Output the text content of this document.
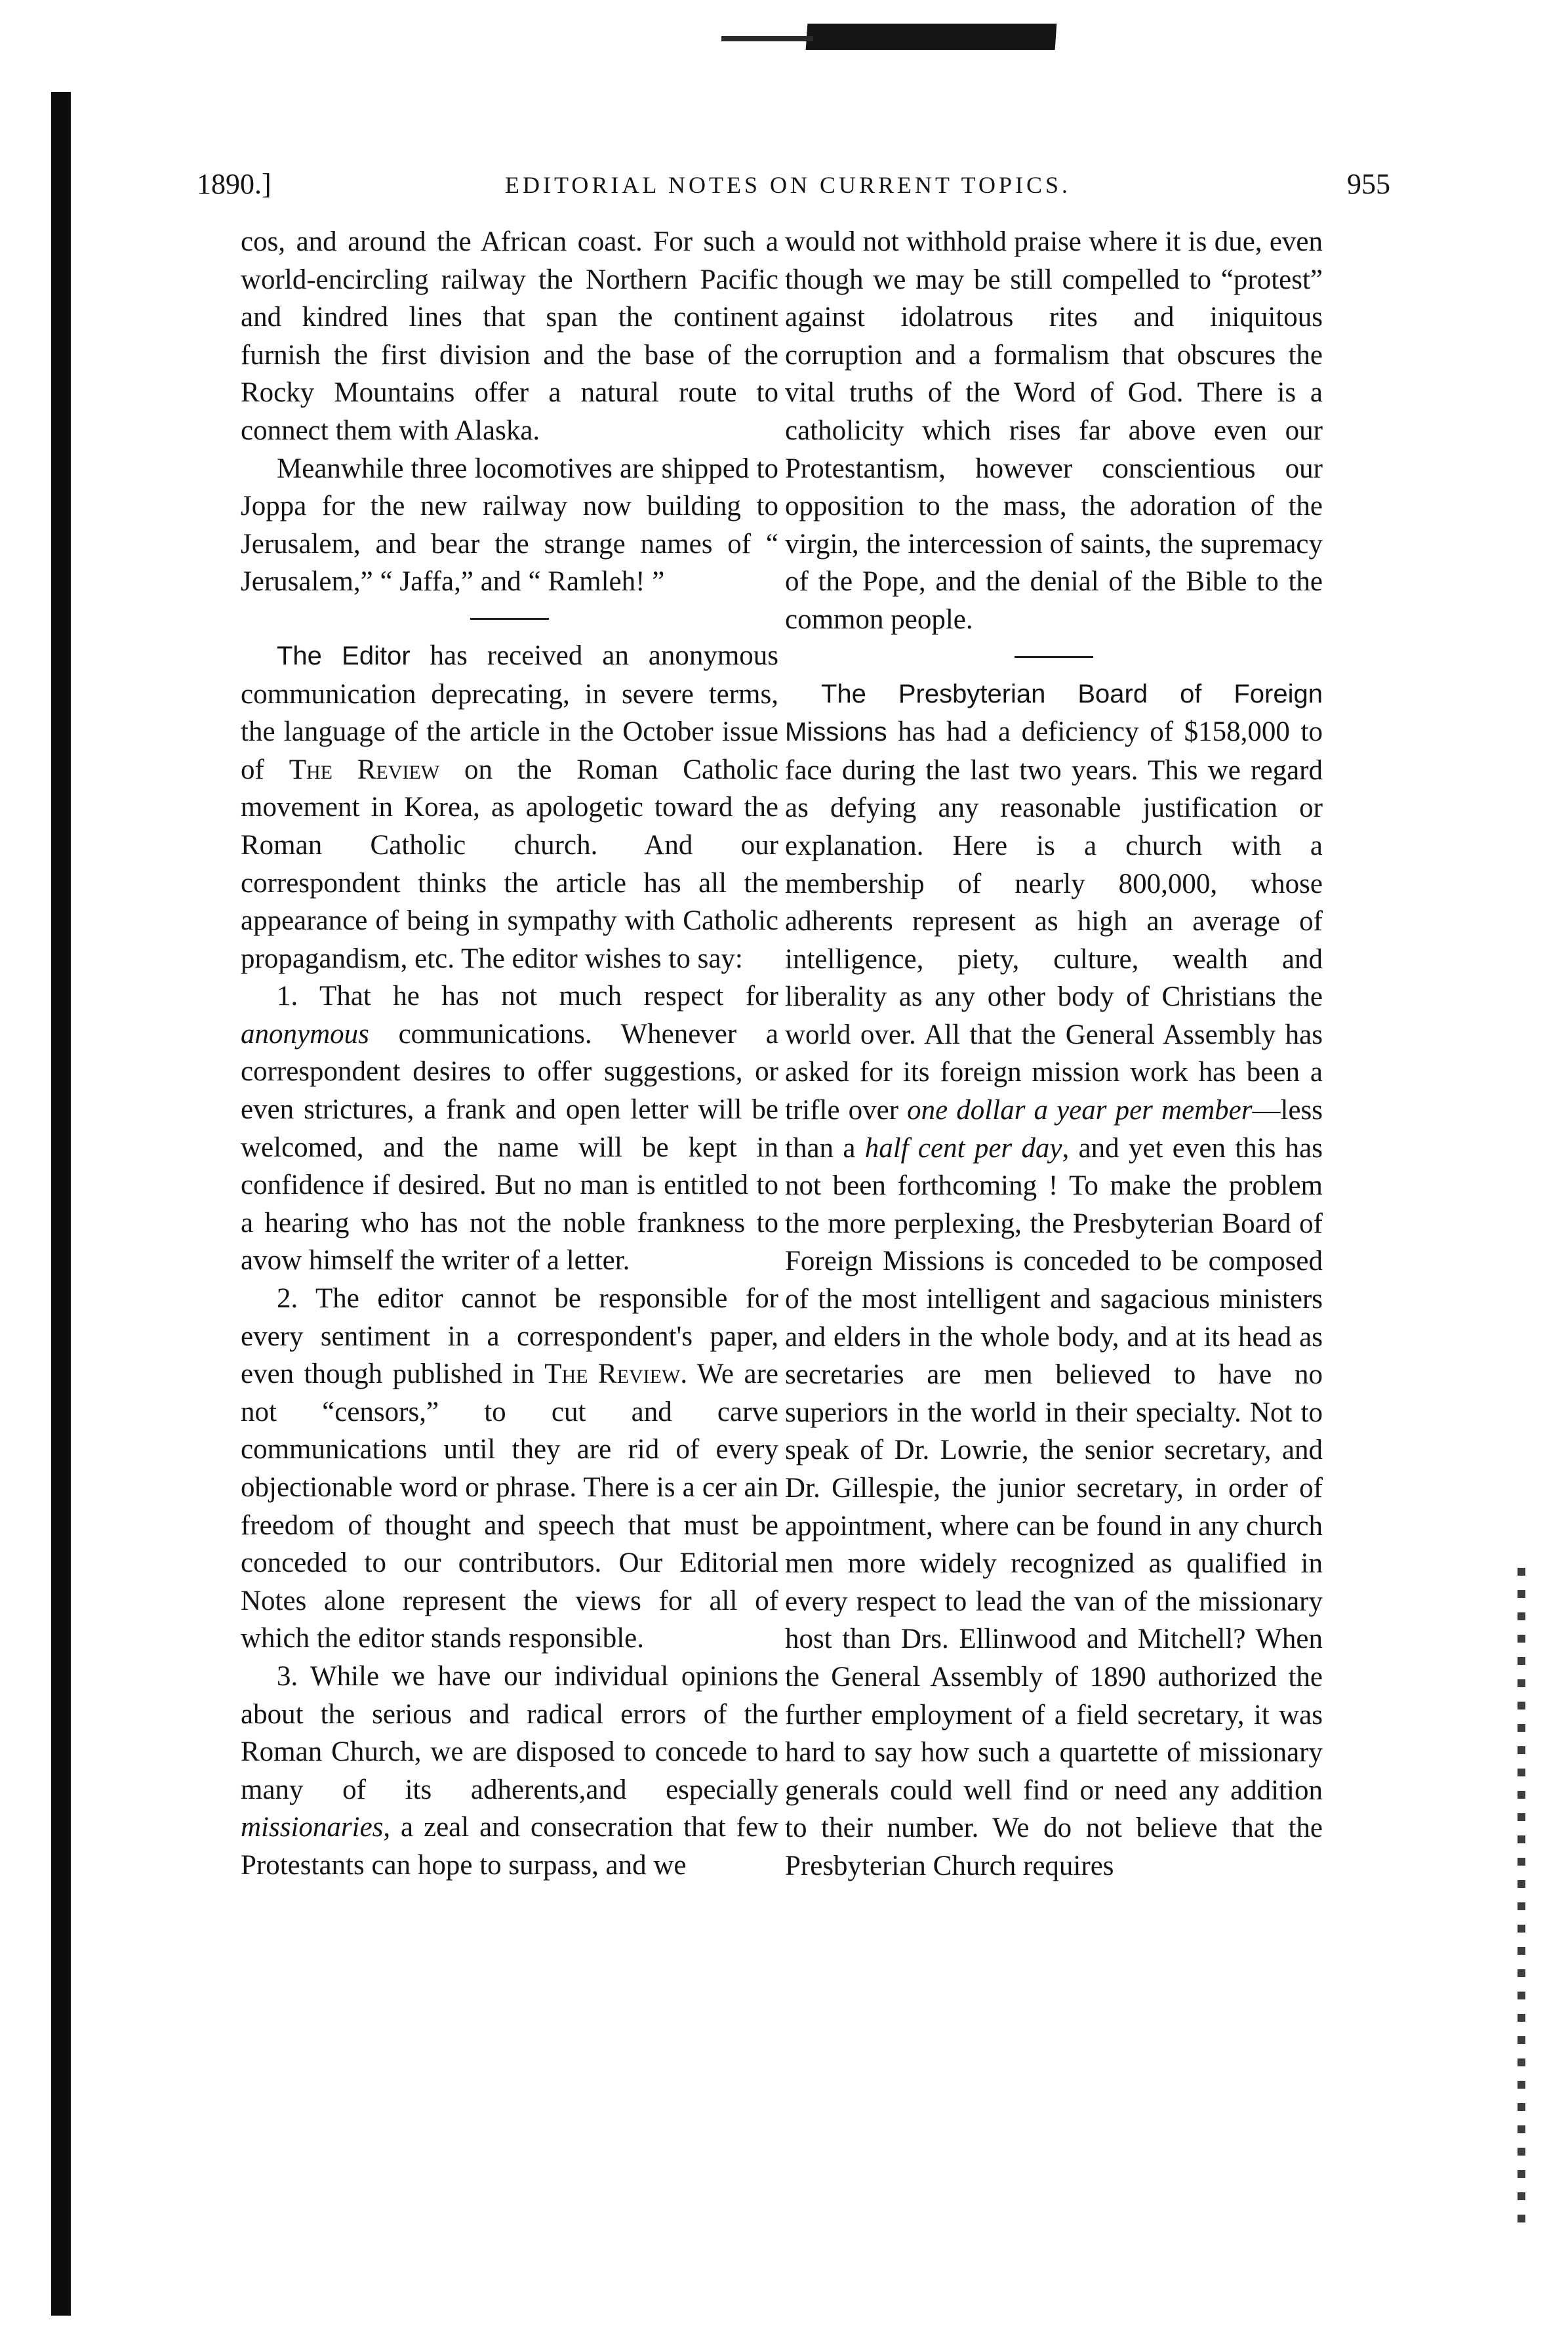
1890.]	EDITORIAL NOTES ON CURRENT TOPICS.	955

cos, and around the African coast. For such a world-encircling railway the Northern Pacific and kindred lines that span the continent furnish the first division and the base of the Rocky Mountains offer a natural route to connect them with Alaska.

Meanwhile three locomotives are shipped to Joppa for the new railway now building to Jerusalem, and bear the strange names of “ Jerusalem,” “ Jaffa,” and “ Ramleh! ”

The Editor has received an anonymous communication deprecating, in severe terms, the language of the article in the October issue of The Review on the Roman Catholic movement in Korea, as apologetic toward the Roman Catholic church. And our correspondent thinks the article has all the appearance of being in sympathy with Catholic propagandism, etc. The editor wishes to say:

1. That he has not much respect for anonymous communications. Whenever a correspondent desires to offer suggestions, or even strictures, a frank and open letter will be welcomed, and the name will be kept in confidence if desired. But no man is entitled to a hearing who has not the noble frankness to avow himself the writer of a letter.

2. The editor cannot be responsible for every sentiment in a correspondent's paper, even though published in The Review. We are not “censors,” to cut and carve communications until they are rid of every objectionable word or phrase. There is a cer ain freedom of thought and speech that must be conceded to our contributors. Our Editorial Notes alone represent the views for all of which the editor stands responsible.

3. While we have our individual opinions about the serious and radical errors of the Roman Church, we are disposed to concede to many of its adherents,and especially missionaries, a zeal and consecration that few Protestants can hope to surpass, and we

would not withhold praise where it is due, even though we may be still compelled to “protest” against idolatrous rites and iniquitous corruption and a formalism that obscures the vital truths of the Word of God. There is a catholicity which rises far above even our Protestantism, however conscientious our opposition to the mass, the adoration of the virgin, the intercession of saints, the supremacy of the Pope, and the denial of the Bible to the common people.

The Presbyterian Board of Foreign Missions has had a deficiency of $158,000 to face during the last two years. This we regard as defying any reasonable justification or explanation. Here is a church with a membership of nearly 800,000, whose adherents represent as high an average of intelligence, piety, culture, wealth and liberality as any other body of Christians the world over. All that the General Assembly has asked for its foreign mission work has been a trifle over one dollar a year per member—less than a half cent per day, and yet even this has not been forthcoming ! To make the problem the more perplexing, the Presbyterian Board of Foreign Missions is conceded to be composed of the most intelligent and sagacious ministers and elders in the whole body, and at its head as secretaries are men believed to have no superiors in the world in their specialty. Not to speak of Dr. Lowrie, the senior secretary, and Dr. Gillespie, the junior secretary, in order of appointment, where can be found in any church men more widely recognized as qualified in every respect to lead the van of the missionary host than Drs. Ellinwood and Mitchell? When the General Assembly of 1890 authorized the further employment of a field secretary, it was hard to say how such a quartette of missionary generals could well find or need any addition to their number. We do not believe that the Presbyterian Church requires
